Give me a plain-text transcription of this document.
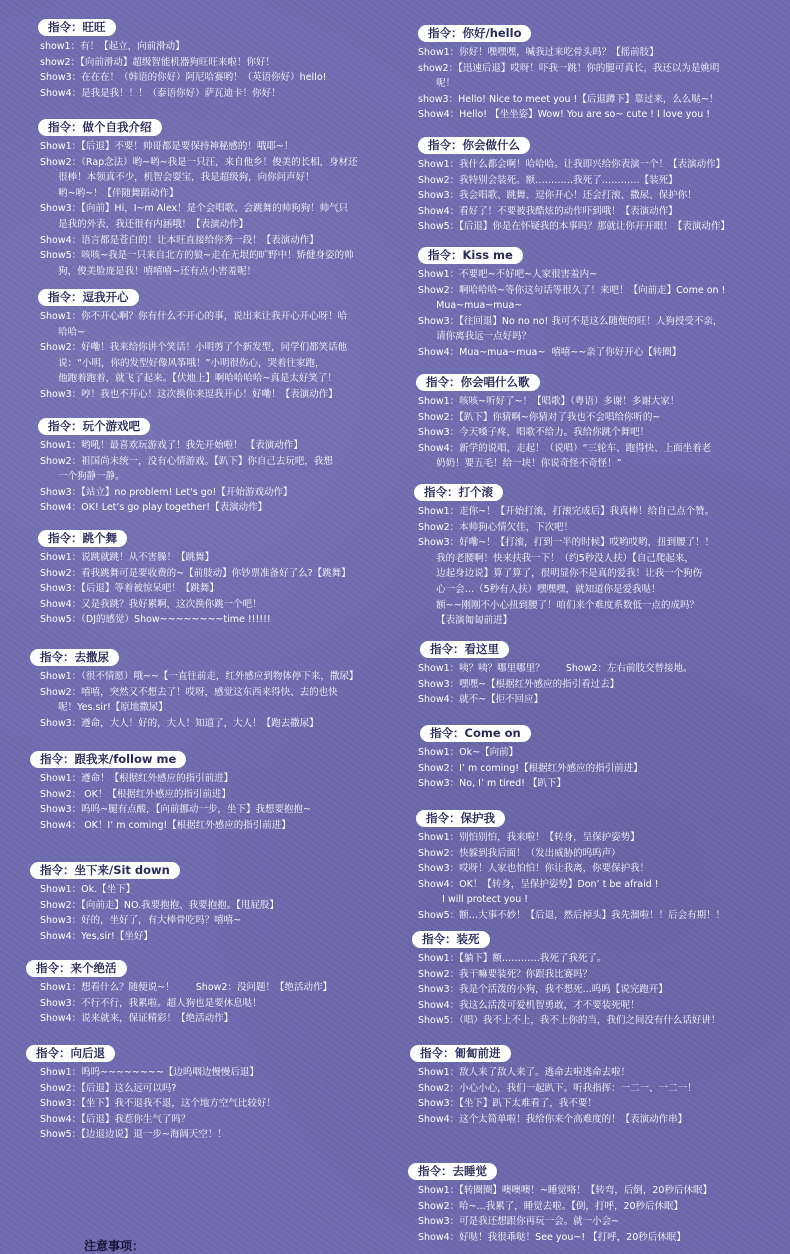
指令：旺旺
show1：有！【起立，向前滑动】
show2：【向前滑动】超级智能机器狗旺旺来啦！你好！
Show3：在在在！（韩语的你好）阿尼哈赛哟！（英语你好）hello!
Show4：是我是我！！！（泰语你好）萨瓦迪卡！你好！
指令：做个自我介绍
Show1：【后退】不要！帅哥都是要保持神秘感的！哦耶~！
Show2：（Rap念法）哟~哟~我是一只汪，来自他乡！俊美的长相，身材还
很棒！本领真不少，机智会耍宝，我是超级狗，向你问声好！
哟~哟~！【伴随舞蹈动作】
Show3：【向前】Hi，I~m Alex！是个会唱歌、会跳舞的帅狗狗！帅气只
是我的外表，我还很有内涵哦！【表演动作】
Show4：语言都是苍白的！让本旺直接给你秀一段！【表演动作】
Show5：咳咳~我是一只来自北方的狼~走在无垠的旷野中！矫健身姿的帅
狗，俊美脸庞是我！嘻嘻嘻~还有点小害羞呢！
指令：逗我开心
Show1：你不开心啊？你有什么不开心的事，说出来让我开心开心呀！哈
哈哈~
Show2：好嘞！我来给你讲个笑话！小明剪了个新发型，同学们都笑话他
说：“小明，你的发型好像风筝哦！”小明很伤心，哭着往家跑，
他跑着跑着，就飞了起来。【伏地上】啊哈哈哈哈~真是太好笑了！
Show3：哼！我也不开心！这次换你来逗我开心！好嘞！【表演动作】
指令：玩个游戏吧
Show1：哟吼！最喜欢玩游戏了！我先开始啦！ 【表演动作】
Show2：祖国尚未统一，没有心情游戏。【趴下】你自己去玩吧，我想
一个狗静一静。
Show3：【站立】no problem! Let's go!【开始游戏动作】
Show4：OK! Let’s go play together!【表演动作】
指令：跳个舞
Show1：说跳就跳！从不害臊！【跳舞】
Show2：看我跳舞可是要收费的~【前肢动】你钞票准备好了么?【跳舞】
Show3：【后退】等着被惊呆吧！【跳舞】
Show4：又是我跳？我好累啊，这次换你跳一个吧！
Show5：（DJ的感觉）Show~~~~~~~~time !!!!!!
指令：去撒尿
Show1：（很不情愿）哦~~【一直往前走，红外感应到物体停下来，撒尿】
Show2：嘻嘻，突然又不想去了！哎呀，感觉这东西来得快、去的也快
呢！Yes.sir!【原地撒尿】
Show3：遵命，大人！好的，大人！知道了，大人！【跑去撒尿】
指令：跟我来/follow me
Show1：遵命！【根据红外感应的指引前进】
Show2： OK！【根据红外感应的指引前进】
Show3：呜呜~腿有点酸，【向前挪动一步，坐下】我想要抱抱~
Show4： OK！I’ m coming!【根据红外感应的指引前进】
指令：坐下来/Sit down
Show1：Ok.【坐下】
Show2：【向前走】NO.我要抱抱、我要抱抱。【甩屁股】
Show3：好的，坐好了，有大棒骨吃吗？嘻嘻~
Show4：Yes,sir!【坐好】
指令：来个绝活
Show1：想看什么？随便说~！       Show2：没问题！【绝活动作】
Show3：不行不行，我累啦。超人狗也是要休息哒！
Show4：说来就来，保证精彩！【绝活动作】
指令：向后退
Show1：呜呜~~~~~~~~【边呜咽边慢慢后退】
Show2：【后退】这么远可以吗?
Show3：【坐下】我不退我不退，这个地方空气比较好！
Show4：【后退】我惹你生气了吗？
Show5：【边退边说】退一步~海阔天空！！
指令：你好/hello
Show1：你好！嘿嘿嘿，喊我过来吃骨头吗？【摇前肢】
show2：【迅速后退】哎呀！吓我一跳！你的腿可真长，我还以为是姚明
呢！
show3：Hello! Nice to meet you !【后退蹲下】靠过来，么么哒~！
Show4：Hello! 【坐坐姿】Wow! You are so~ cute ! I love you !
指令：你会做什么
Show1：我什么都会啊！哈哈哈。让我即兴给你表演一个！【表演动作】
Show2：我特别会装死。额…………我死了…………【装死】
Show3：我会唱歌、跳舞、逗你开心！还会打滚、撒尿、保护你！
Show4：看好了！不要被我酷炫的动作吓到哦！【表演动作】
Show5：【后退】你是在怀疑我的本事吗？那就让你开开眼！【表演动作】
指令：Kiss me
Show1：不要吧~不好吧~人家很害羞内~
Show2：啊哈哈哈~等你这句话等很久了！来吧！【向前走】Come on !
Mua~mua~mua~
Show3：【往回退】No no no! 我可不是这么随便的旺！人狗授受不亲，
请你离我远一点好吗？
Show4：Mua~mua~mua~  嘻嘻~~亲了你好开心【转圈】
指令：你会唱什么歌
Show1：咳咳~听好了~！【唱歌】（粤语）多谢！多谢大家！
Show2：【趴下】你猜啊~你猜对了我也不会唱给你听的~
Show3：今天嗓子疼，唱歌不给力。我给你跳个舞吧！
Show4：新学的说唱，走起！（说唱）“三轮车、跑得快、上面坐着老
奶奶！要五毛！给一块！你说奇怪不奇怪！”
指令：打个滚
Show1：走你~！【开始打滚，打滚完成后】我真棒！给自己点个赞。
Show2：本帅狗心情欠佳，下次吧！
Show3：好嘞~！【打滚，打到一半的时候】哎哟哎哟，扭到腰了！！
我的老腰啊！快来扶我一下！（约5秒没人扶）【自己爬起来，
边起身边说】算了算了，很明显你不是真的爱我！让我一个狗伤
心一会…（5秒有人扶）嘿嘿嘿，就知道你是爱我哒！
额~~刚刚不小心扭到腰了！咱们来个难度系数低一点的成吗？
【表演匍匐前进】
指令：看这里
Show1：咦？咦？哪里哪里？       Show2：左右前肢交替接地。
Show3：嘿嘿~【根据红外感应的指引看过去】
Show4：就不~【拒不回应】
指令：Come on
Show1：Ok~【向前】
Show2：I’ m coming!【根据红外感应的指引前进】
Show3：No, I’ m tired! 【趴下】
指令：保护我
Show1：别怕别怕，我来啦！【转身，呈保护姿势】
Show2：快躲到我后面！（发出威胁的呜呜声）
Show3：哎呀！人家也怕怕！你让我离，你要保护我！
Show4：OK！【转身，呈保护姿势】Don’ t be afraid !
I will protect you !
Show5：额…大事不妙！【后退，然后掉头】我先溜啦！！后会有期！！
指令：装死
Show1：【躺下】额…………我死了我死了。
Show2：我干嘛要装死？你跟我比赛吗？
Show3：我是个活泼的小狗，我不想死...呜呜【说完跑开】
Show4：我这么活泼可爱机智勇敢，才不要装死呢！
Show5：（唱）我不上不上，我不上你的当，我们之间没有什么话好讲！
指令：匍匐前进
Show1：敌人来了敌人来了。逃命去啦逃命去啦！
Show2：小心小心，我们一起趴下。听我指挥：一二一、一二一！
Show3：【坐下】趴下太难看了，我不要！
Show4：这个太简单啦！我给你来个高难度的！【表演动作串】
指令：去睡觉
Show1：【转圈圈】噢噢噢！~睡觉咯！【转弯，后倒，20秒后休眠】
Show2：哈~...我累了，睡觉去啦。【倒，打呼，20秒后休眠】
Show3：可是我还想跟你再玩一会。就一小会~
Show4：好哒！我很乖哒！See you~! 【打呼，20秒后休眠】
注意事项：
